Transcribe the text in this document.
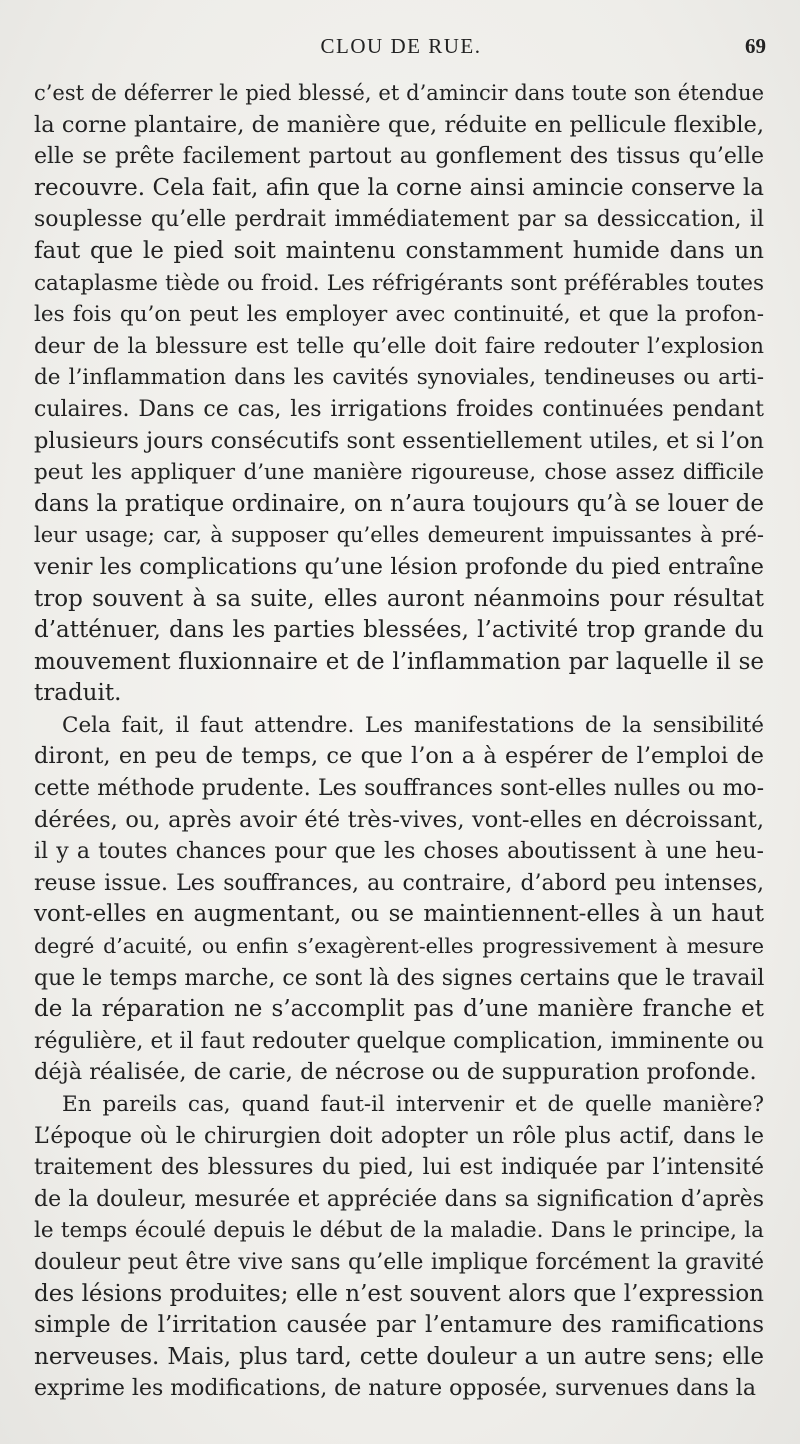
CLOU DE RUE.	69
c’est de déferrer le pied blessé, et d’amincir dans toute son étendue
la corne plantaire, de manière que, réduite en pellicule flexible,
elle se prête facilement partout au gonflement des tissus qu’elle
recouvre. Cela fait, afin que la corne ainsi amincie conserve la
souplesse qu’elle perdrait immédiatement par sa dessiccation, il
faut que le pied soit maintenu constamment humide dans un
cataplasme tiède ou froid. Les réfrigérants sont préférables toutes
les fois qu’on peut les employer avec continuité, et que la profon-
deur de la blessure est telle qu’elle doit faire redouter l’explosion
de l’inflammation dans les cavités synoviales, tendineuses ou arti-
culaires. Dans ce cas, les irrigations froides continuées pendant
plusieurs jours consécutifs sont essentiellement utiles, et si l’on
peut les appliquer d’une manière rigoureuse, chose assez difficile
dans la pratique ordinaire, on n’aura toujours qu’à se louer de
leur usage; car, à supposer qu’elles demeurent impuissantes à pré-
venir les complications qu’une lésion profonde du pied entraîne
trop souvent à sa suite, elles auront néanmoins pour résultat
d’atténuer, dans les parties blessées, l’activité trop grande du
mouvement fluxionnaire et de l’inflammation par laquelle il se
traduit.
Cela fait, il faut attendre. Les manifestations de la sensibilité
diront, en peu de temps, ce que l’on a à espérer de l’emploi de
cette méthode prudente. Les souffrances sont-elles nulles ou mo-
dérées, ou, après avoir été très-vives, vont-elles en décroissant,
il y a toutes chances pour que les choses aboutissent à une heu-
reuse issue. Les souffrances, au contraire, d’abord peu intenses,
vont-elles en augmentant, ou se maintiennent-elles à un haut
degré d’acuité, ou enfin s’exagèrent-elles progressivement à mesure
que le temps marche, ce sont là des signes certains que le travail
de la réparation ne s’accomplit pas d’une manière franche et
régulière, et il faut redouter quelque complication, imminente ou
déjà réalisée, de carie, de nécrose ou de suppuration profonde.
En pareils cas, quand faut-il intervenir et de quelle manière?
L’époque où le chirurgien doit adopter un rôle plus actif, dans le
traitement des blessures du pied, lui est indiquée par l’intensité
de la douleur, mesurée et appréciée dans sa signification d’après
le temps écoulé depuis le début de la maladie. Dans le principe, la
douleur peut être vive sans qu’elle implique forcément la gravité
des lésions produites; elle n’est souvent alors que l’expression
simple de l’irritation causée par l’entamure des ramifications
nerveuses. Mais, plus tard, cette douleur a un autre sens; elle
exprime les modifications, de nature opposée, survenues dans la
